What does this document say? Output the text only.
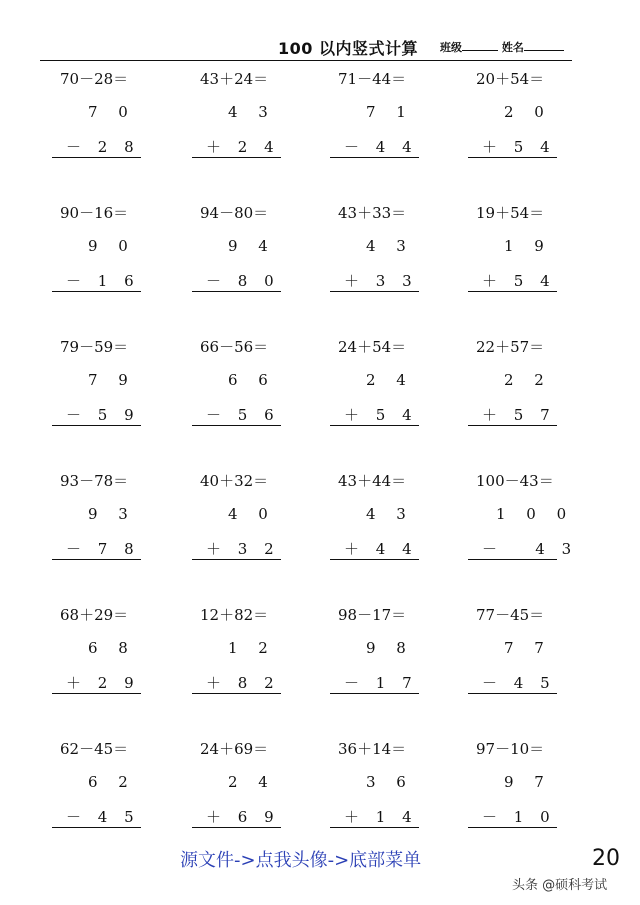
100 以内竖式计算 班级	姓名
70－28＝
7 0
－ 2 8
43＋24＝
4 3
＋ 2 4
71－44＝
7 1
－ 4 4
20＋54＝
2 0
＋ 5 4
90－16＝
9 0
－ 1 6
94－80＝
9 4
－ 8 0
43＋33＝
4 3
＋ 3 3
19＋54＝
1 9
＋ 5 4
79－59＝
7 9
－ 5 9
66－56＝
6 6
－ 5 6
24＋54＝
2 4
＋ 5 4
22＋57＝
2 2
＋ 5 7
93－78＝
9 3
－ 7 8
40＋32＝
4 0
＋ 3 2
43＋44＝
4 3
＋ 4 4
100－43＝
1 0 0
－   4 3
68＋29＝
6 8
＋ 2 9
12＋82＝
1 2
＋ 8 2
98－17＝
9 8
－ 1 7
77－45＝
7 7
－ 4 5
62－45＝
6 2
－ 4 5
24＋69＝
2 4
＋ 6 9
36＋14＝
3 6
＋ 1 4
97－10＝
9 7
－ 1 0
源文件->点我头像->底部菜单	20
头条 @硕科考试
